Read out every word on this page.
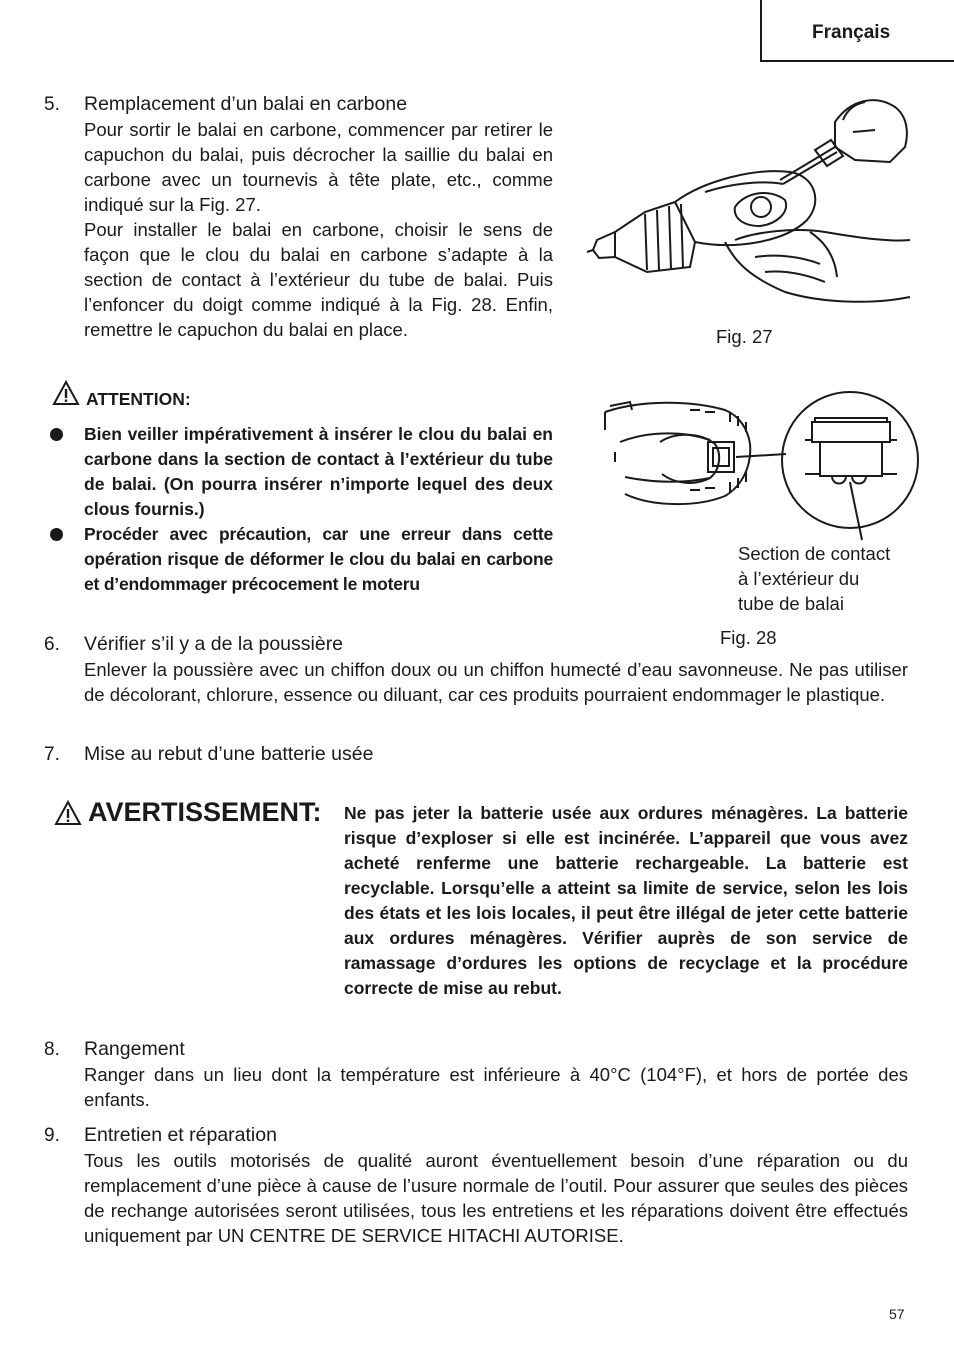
Français
5. Remplacement d’un balai en carbone

Pour sortir le balai en carbone, commencer par retirer le capuchon du balai, puis décrocher la saillie du balai en carbone avec un tournevis à tête plate, etc., comme indiqué sur la Fig. 27.

Pour installer le balai en carbone, choisir le sens de façon que le clou du balai en carbone s’adapte à la section de contact à l’extérieur du tube de balai. Puis l’enfoncer du doigt comme indiqué à la Fig. 28. Enfin, remettre le capuchon du balai en place.	Fig. 27
ATTENTION:

Bien veiller impérativement à insérer le clou du balai en carbone dans la section de contact à l’extérieur du tube de balai. (On pourra insérer n’importe lequel des deux clous fournis.)

Procéder avec précaution, car une erreur dans cette opération risque de déformer le clou du balai en carbone et d’endommager précocement le moteru

Section de contact
à l’extérieur du
tube de balai
Fig. 28
6. Vérifier s’il y a de la poussière

Enlever la poussière avec un chiffon doux ou un chiffon humecté d’eau savonneuse. Ne pas utiliser de décolorant, chlorure, essence ou diluant, car ces produits pourraient endommager le plastique.

7. Mise au rebut d’une batterie usée

AVERTISSEMENT: Ne pas jeter la batterie usée aux ordures ménagères. La batterie risque d’exploser si elle est incinérée. L’appareil que vous avez acheté renferme une batterie rechargeable. La batterie est recyclable. Lorsqu’elle a atteint sa limite de service, selon les lois des états et les lois locales, il peut être illégal de jeter cette batterie aux ordures ménagères. Vérifier auprès de son service de ramassage d’ordures les options de recyclage et la procédure correcte de mise au rebut.

8. Rangement

Ranger dans un lieu dont la température est inférieure à 40°C (104°F), et hors de portée des enfants.

9. Entretien et réparation

Tous les outils motorisés de qualité auront éventuellement besoin d’une réparation ou du remplacement d’une pièce à cause de l’usure normale de l’outil. Pour assurer que seules des pièces de rechange autorisées seront utilisées, tous les entretiens et les réparations doivent être effectués uniquement par UN CENTRE DE SERVICE HITACHI AUTORISE.

57
